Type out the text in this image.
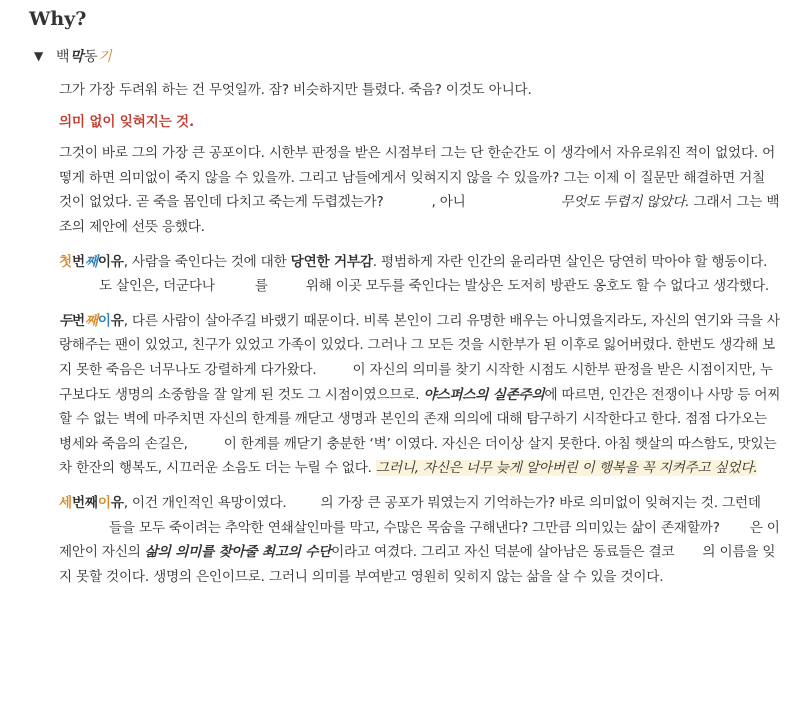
Why?
▼ 백막동기

그가 가장 두려워 하는 건 무엇일까. 잠? 비슷하지만 틀렸다. 죽음? 이것도 아니다.

의미 없이 잊혀지는 것.

그것이 바로 그의 가장 큰 공포이다. 시한부 판정을 받은 시점부터 그는 단 한순간도 이 생각에서 자유로워진 적이 없었다. 어떻게 하면 의미없이 죽지 않을 수 있을까. 그리고 남들에게서 잊혀지지 않을 수 있을까? 그는 이제 이 질문만 해결하면 거칠 것이 없었다. 곧 죽을 몸인데 다치고 죽는게 두렵겠는가?	, 아니	무엇도 두렵지 않았다. 그래서 그는 백조의 제안에 선뜻 응했다.

첫번째이유, 사람을 죽인다는 것에 대한 당연한 거부감. 평범하게 자란 인간의 윤리라면 살인은 당연히 막아야 할 행동이다.도 살인은, 더군다나	를	위해 이곳 모두를 죽인다는 발상은 도저히 방관도 옹호도 할 수 없다고 생각했다.

두번째이유, 다른 사람이 살아주길 바랬기 때문이다. 비록 본인이 그리 유명한 배우는 아니였을지라도, 자신의 연기와 극을 사랑해주는 팬이 있었고, 친구가 있었고 가족이 있었다. 그러나 그 모든 것을 시한부가 된 이후로 잃어버렸다. 한번도 생각해 보지 못한 죽음은 너무나도 강렬하게 다가왔다.	이 자신의 의미를 찾기 시작한 시점도 시한부 판정을 받은 시점이지만, 누구보다도 생명의 소중함을 잘 알게 된 것도 그 시점이였으므로. 야스퍼스의 실존주의에 따르면, 인간은 전쟁이나 사망 등 어찌할 수 없는 벽에 마주치면 자신의 한계를 깨닫고 생명과 본인의 존재 의의에 대해 탐구하기 시작한다고 한다. 점점 다가오는 병세와 죽음의 손길은,	이 한계를 깨닫기 충분한 ‘벽’ 이였다. 자신은 더이상 살지 못한다. 아침 햇살의 따스함도, 맛있는 차 한잔의 행복도, 시끄러운 소음도 더는 누릴 수 없다. 그러니, 자신은 너무 늦게 알아버린 이 행복을 꼭 지켜주고 싶었다.

세번째이유, 이건 개인적인 욕망이였다.	의 가장 큰 공포가 뭐였는지 기억하는가? 바로 의미없이 잊혀지는 것. 그런데들을 모두 죽이려는 추악한 연쇄살인마를 막고, 수많은 목숨을 구해낸다? 그만큼 의미있는 삶이 존재할까? 은 이 제안이 자신의 삶의 의미를 찾아줄 최고의 수단이라고 여겼다. 그리고 자신 덕분에 살아남은 동료들은 결코 의 이름을 잊지 못할 것이다. 생명의 은인이므로. 그러니 의미를 부여받고 영원히 잊히지 않는 삶을 살 수 있을 것이다.
